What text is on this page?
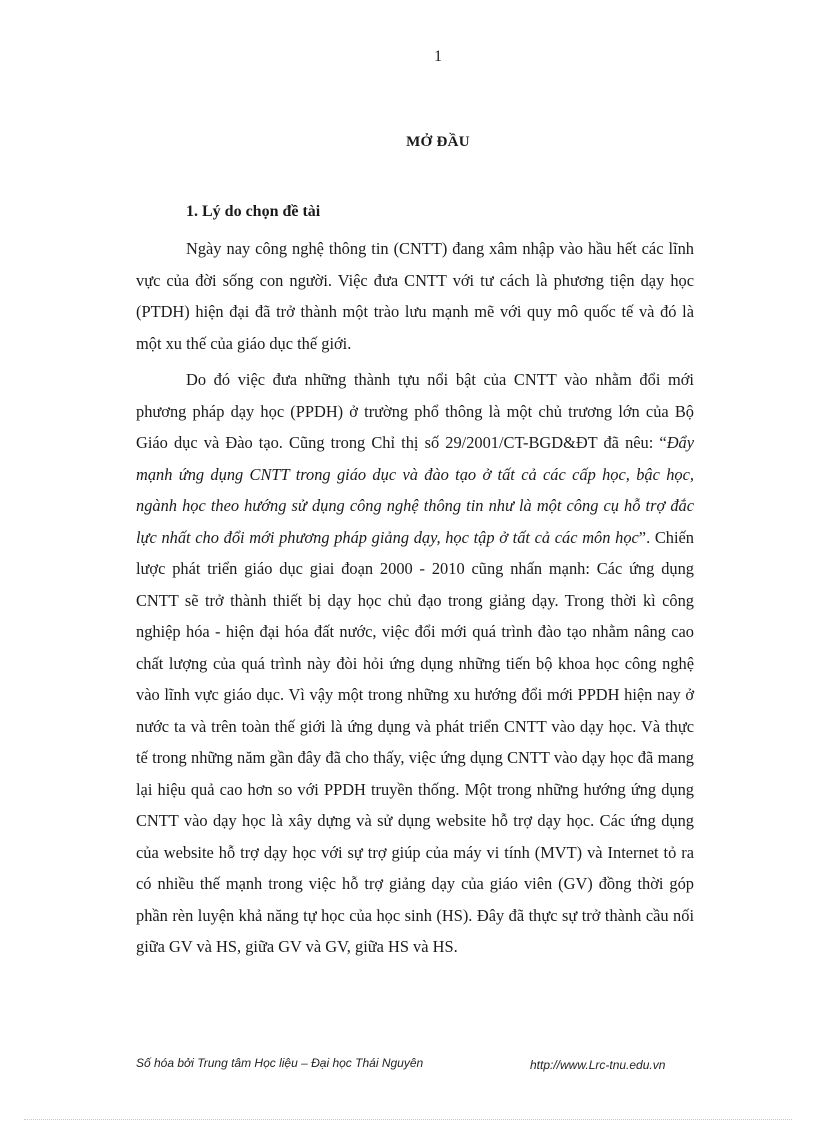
1
MỞ ĐẦU
1. Lý do chọn đề tài

Ngày nay công nghệ thông tin (CNTT) đang xâm nhập vào hầu hết các lĩnh vực của đời sống con người. Việc đưa CNTT với tư cách là phương tiện dạy học (PTDH) hiện đại đã trở thành một trào lưu mạnh mẽ với quy mô quốc tế và đó là một xu thế của giáo dục thế giới.

Do đó việc đưa những thành tựu nổi bật của CNTT vào nhằm đổi mới phương pháp dạy học (PPDH) ở trường phổ thông là một chủ trương lớn của Bộ Giáo dục và Đào tạo. Cũng trong Chỉ thị số 29/2001/CT-BGD&ĐT đã nêu: “Đẩy mạnh ứng dụng CNTT trong giáo dục và đào tạo ở tất cả các cấp học, bậc học, ngành học theo hướng sử dụng công nghệ thông tin như là một công cụ hỗ trợ đắc lực nhất cho đổi mới phương pháp giảng dạy, học tập ở tất cả các môn học”. Chiến lược phát triển giáo dục giai đoạn 2000 - 2010 cũng nhấn mạnh: Các ứng dụng CNTT sẽ trở thành thiết bị dạy học chủ đạo trong giảng dạy. Trong thời kì công nghiệp hóa - hiện đại hóa đất nước, việc đổi mới quá trình đào tạo nhằm nâng cao chất lượng của quá trình này đòi hỏi ứng dụng những tiến bộ khoa học công nghệ vào lĩnh vực giáo dục. Vì vậy một trong những xu hướng đổi mới PPDH hiện nay ở nước ta và trên toàn thế giới là ứng dụng và phát triển CNTT vào dạy học. Và thực tế trong những năm gần đây đã cho thấy, việc ứng dụng CNTT vào dạy học đã mang lại hiệu quả cao hơn so với PPDH truyền thống. Một trong những hướng ứng dụng CNTT vào dạy học là xây dựng và sử dụng website hỗ trợ dạy học. Các ứng dụng của website hỗ trợ dạy học với sự trợ giúp của máy vi tính (MVT) và Internet tỏ ra có nhiều thế mạnh trong việc hỗ trợ giảng dạy của giáo viên (GV) đồng thời góp phần rèn luyện khả năng tự học của học sinh (HS). Đây đã thực sự trở thành cầu nối giữa GV và HS, giữa GV và GV, giữa HS và HS.

Số hóa bởi Trung tâm Học liệu – Đại học Thái Nguyên	http://www.Lrc-tnu.edu.vn
